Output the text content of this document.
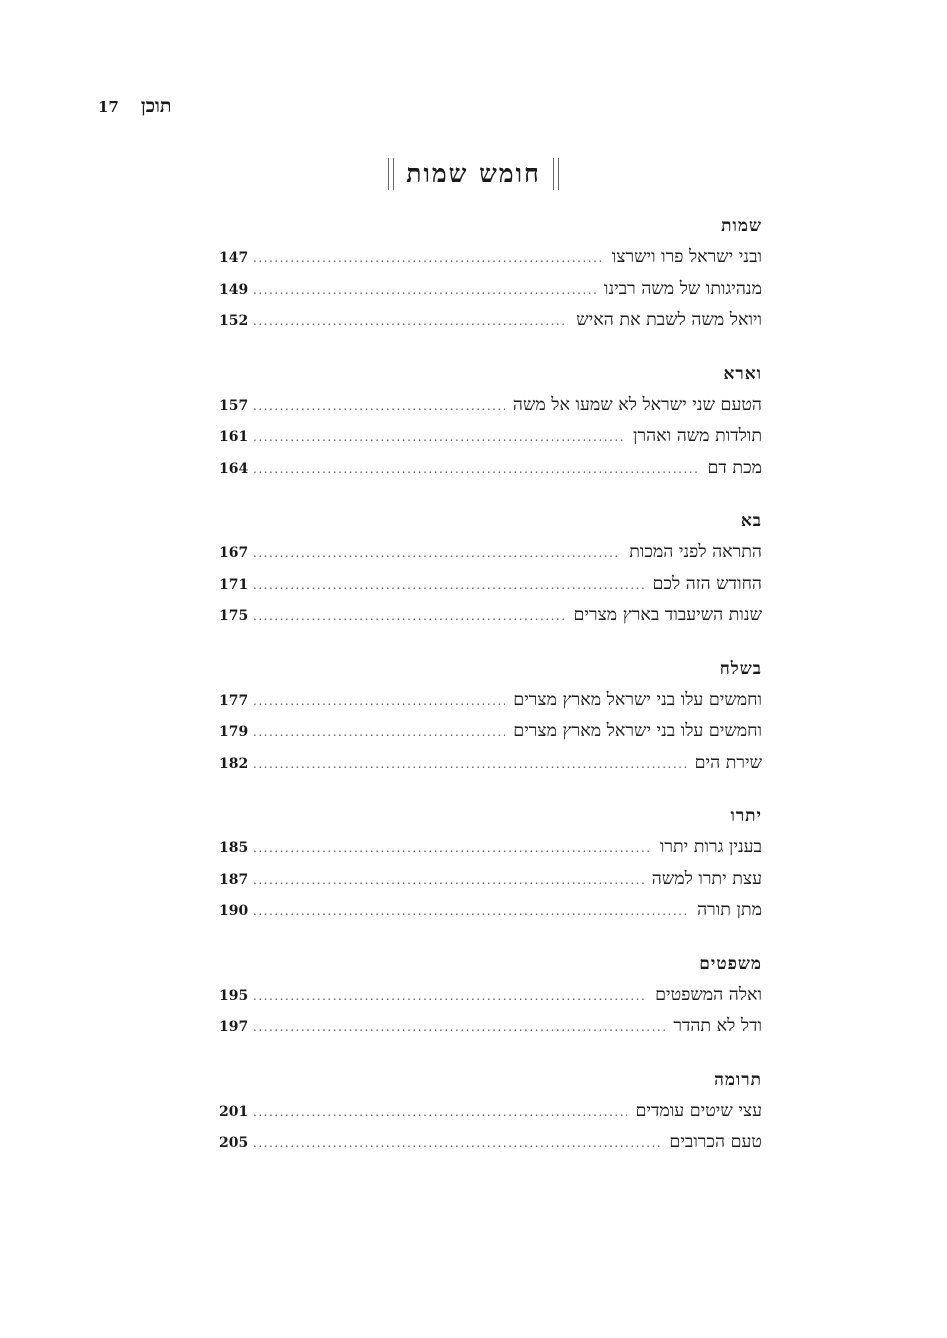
17 תוכן
חומש שמות
שמות
ובני ישראל פרו וישרצו
.....
147
מנהיגותו של משה רבינו
.....
149
ויואל משה לשבת את האיש
.....
152
וארא
הטעם שני ישראל לא שמעו אל משה
.....
157
תולדות משה ואהרן
.....
161
מכת דם
.....
164
בא
התראה לפני המכות
.....
167
החודש הזה לכם
.....
171
שנות השיעבוד בארץ מצרים
.....
175
בשלח
וחמשים עלו בני ישראל מארץ מצרים
.....
177
וחמשים עלו בני ישראל מארץ מצרים
.....
179
שירת הים
.....
182
יתרו
בענין גרות יתרו
.....
185
עצת יתרו למשה
.....
187
מתן תורה
.....
190
משפטים
ואלה המשפטים
.....
195
ודל לא תהדר
.....
197
תרומה
עצי שיטים עומדים
.....
201
טעם הכרובים
.....
205
